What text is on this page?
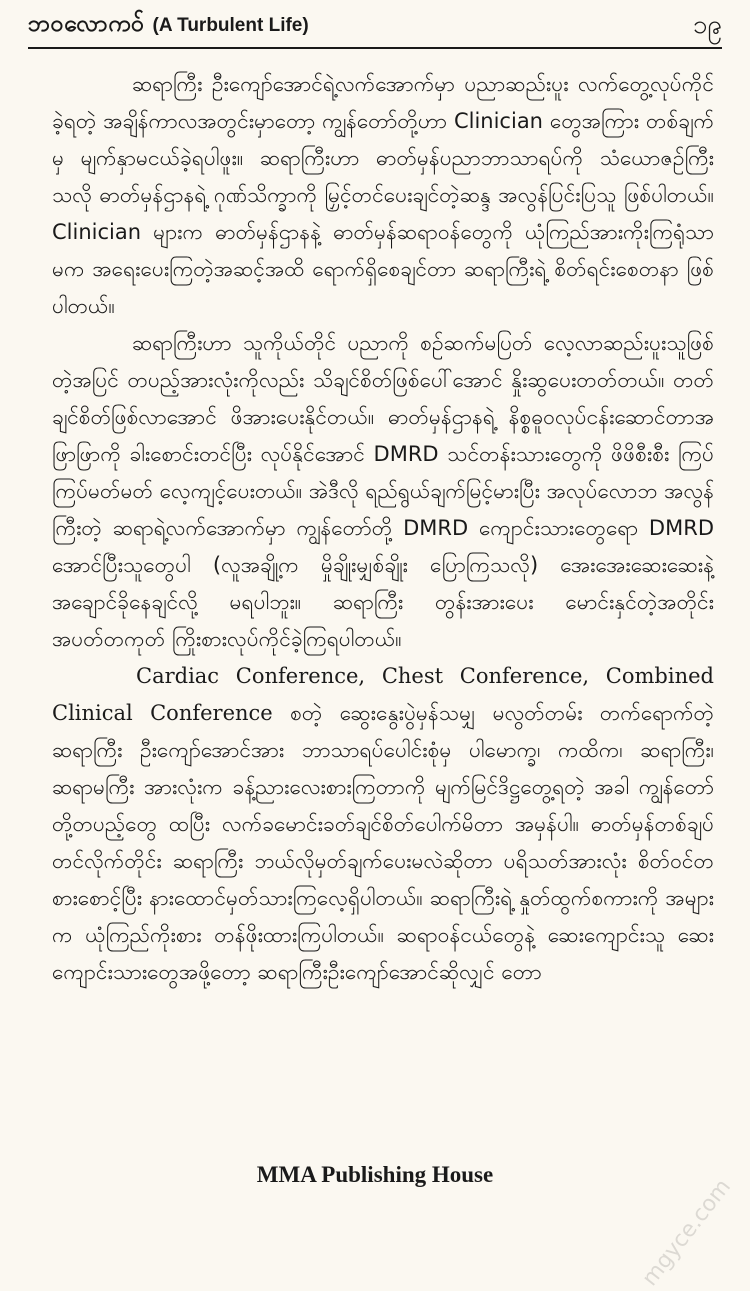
ဘဝလောကဝ် (A Turbulent Life)	၁၉

ဆရာကြီး ဦးကျော်အောင်ရဲ့လက်အောက်မှာ ပညာဆည်းပူး လက်တွေ့လုပ်ကိုင်ခဲ့ရတဲ့ အချိန်ကာလအတွင်းမှာတော့ ကျွန်တော်တို့ဟာ Clinician တွေအကြား တစ်ချက်မှ မျက်နှာမငယ်ခဲ့ရပါဖူး။ ဆရာကြီးဟာ ဓာတ်မှန်ပညာဘာသာရပ်ကို သံယောဇဉ်ကြီးသလို ဓာတ်မှန်ဌာနရဲ့ ဂုဏ်သိက္ခာကို မြှင့်တင်ပေးချင်တဲ့ဆန္ဒ အလွန်ပြင်းပြသူ ဖြစ်ပါတယ်။ Clinician များက ဓာတ်မှန်ဌာနနဲ့ ဓာတ်မှန်ဆရာဝန်တွေကို ယုံကြည်အားကိုးကြရုံသာမက အရေးပေးကြတဲ့အဆင့်အထိ ရောက်ရှိစေချင်တာ ဆရာကြီးရဲ့ စိတ်ရင်းစေတနာ ဖြစ်ပါတယ်။

ဆရာကြီးဟာ သူကိုယ်တိုင် ပညာကို စဉ်ဆက်မပြတ် လေ့လာဆည်းပူးသူဖြစ်တဲ့အပြင် တပည့်အားလုံးကိုလည်း သိချင်စိတ်ဖြစ်ပေါ်အောင် နှိုးဆွပေးတတ်တယ်။ တတ်ချင်စိတ်ဖြစ်လာအောင် ဖိအားပေးနိုင်တယ်။ ဓာတ်မှန်ဌာနရဲ့ နိစ္စဓူဝလုပ်ငန်းဆောင်တာအဖြာဖြာကို ခါးစောင်းတင်ပြီး လုပ်နိုင်အောင် DMRD သင်တန်းသားတွေကို ဖိဖိစီးစီး ကြပ်ကြပ်မတ်မတ် လေ့ကျင့်ပေးတယ်။ အဲဒီလို ရည်ရွယ်ချက်မြင့်မားပြီး အလုပ်လောဘ အလွန်ကြီးတဲ့ ဆရာရဲ့လက်အောက်မှာ ကျွန်တော်တို့ DMRD ကျောင်းသားတွေရော DMRD အောင်ပြီးသူတွေပါ (လူအချို့က မှိုချိုးမျှစ်ချိုး ပြောကြသလို) အေးအေးဆေးဆေးနဲ့ အချောင်ခိုနေချင်လို့ မရပါဘူး။ ဆရာကြီး တွန်းအားပေး မောင်းနှင်တဲ့အတိုင်း အပတ်တကုတ် ကြိုးစားလုပ်ကိုင်ခဲ့ကြရပါတယ်။

Cardiac Conference, Chest Conference, Combined Clinical Conference စတဲ့ ဆွေးနွေးပွဲမှန်သမျှ မလွတ်တမ်း တက်ရောက်တဲ့ ဆရာကြီး ဦးကျော်အောင်အား ဘာသာရပ်ပေါင်းစုံမှ ပါမောက္ခ၊ ကထိက၊ ဆရာကြီး၊ ဆရာမကြီး အားလုံးက ခန့်ညားလေးစားကြတာကို မျက်မြင်ဒိဋ္ဌတွေ့ရတဲ့ အခါ ကျွန်တော်တို့တပည့်တွေ ထပြီး လက်ခမောင်းခတ်ချင်စိတ်ပေါက်မိတာ အမှန်ပါ။ ဓာတ်မှန်တစ်ချပ်တင်လိုက်တိုင်း ဆရာကြီး ဘယ်လိုမှတ်ချက်ပေးမလဲဆိုတာ ပရိသတ်အားလုံး စိတ်ဝင်တစားစောင့်ပြီး နားထောင်မှတ်သားကြလေ့ရှိပါတယ်။ ဆရာကြီးရဲ့ နှုတ်ထွက်စကားကို အများက ယုံကြည်ကိုးစား တန်ဖိုးထားကြပါတယ်။ ဆရာဝန်ငယ်တွေနဲ့ ဆေးကျောင်းသူ ဆေးကျောင်းသားတွေအဖို့တော့ ဆရာကြီးဦးကျော်အောင်ဆိုလျှင် တော

MMA Publishing House
mgyce.com
